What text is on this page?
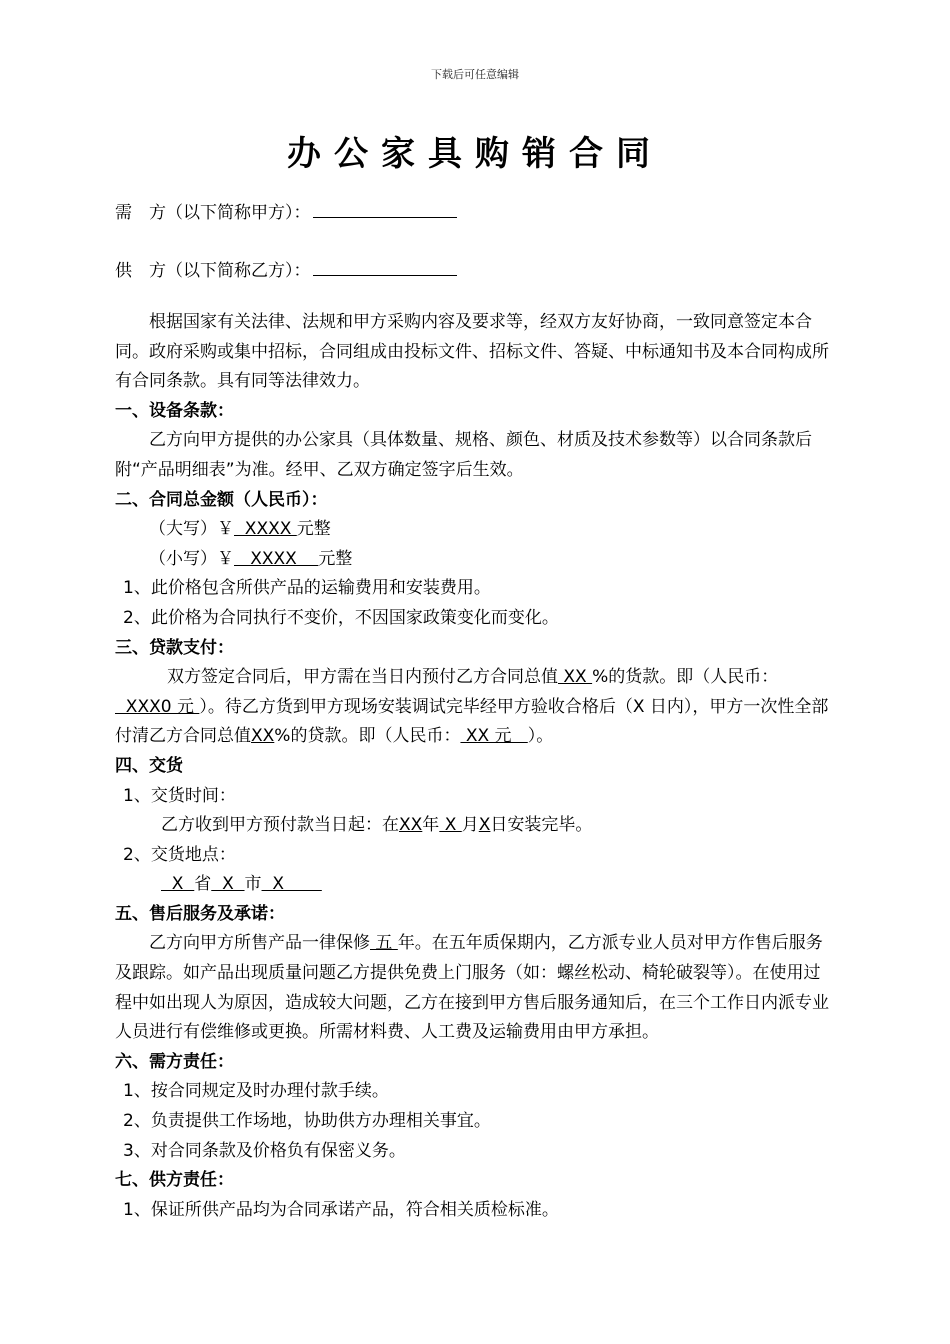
下载后可任意编辑
办公家具购销合同
需　方（以下简称甲方）：
供　方（以下简称乙方）：

根据国家有关法律、法规和甲方采购内容及要求等，经双方友好协商，一致同意签定本合同。政府采购或集中招标，合同组成由投标文件、招标文件、答疑、中标通知书及本合同构成所有合同条款。具有同等法律效力。

一、设备条款：

乙方向甲方提供的办公家具（具体数量、规格、颜色、材质及技术参数等）以合同条款后附“产品明细表”为准。经甲、乙双方确定签字后生效。

二、合同总金额（人民币）：

（大写）￥  XXXX 元整

（小写）￥   XXXX    元整

1、此价格包含所供产品的运输费用和安装费用。

2、此价格为合同执行不变价，不因国家政策变化而变化。

三、贷款支付：

双方签定合同后，甲方需在当日内预付乙方合同总值 XX %的货款。即（人民币：  XXX0 元 ）。待乙方货到甲方现场安装调试完毕经甲方验收合格后（X 日内），甲方一次性全部付清乙方合同总值XX%的贷款。即（人民币： XX 元   ）。

四、交货

1、交货时间：

乙方收到甲方预付款当日起：在XX年 X 月X日安装完毕。

2、交货地点：

X  省  X  市  X

五、售后服务及承诺：

乙方向甲方所售产品一律保修 五 年。在五年质保期内，乙方派专业人员对甲方作售后服务及跟踪。如产品出现质量问题乙方提供免费上门服务（如：螺丝松动、椅轮破裂等）。在使用过程中如出现人为原因，造成较大问题，乙方在接到甲方售后服务通知后，在三个工作日内派专业人员进行有偿维修或更换。所需材料费、人工费及运输费用由甲方承担。

六、需方责任：

1、按合同规定及时办理付款手续。

2、负责提供工作场地，协助供方办理相关事宜。

3、对合同条款及价格负有保密义务。

七、供方责任：

1、保证所供产品均为合同承诺产品，符合相关质检标准。
